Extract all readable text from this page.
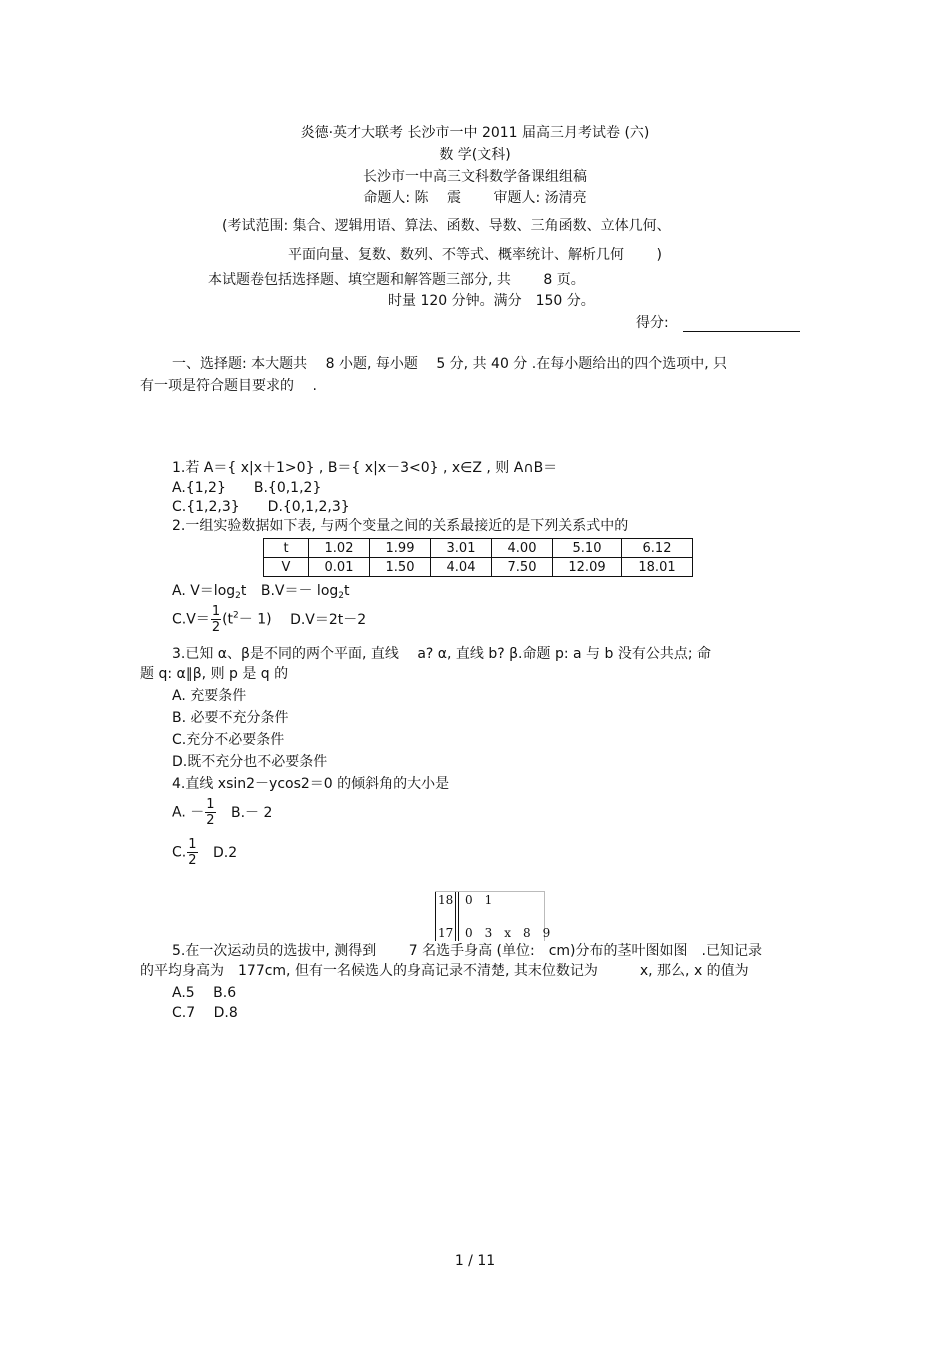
炎德·英才大联考 长沙市一中 2011 届高三月考试卷 (六)
数 学(文科)
长沙市一中高三文科数学备课组组稿
命题人: 陈　 震　　 审题人: 汤清亮
(考试范围: 集合、逻辑用语、算法、函数、导数、三角函数、立体几何、
平面向量、复数、数列、不等式、概率统计、解析几何　　 )
本试题卷包括选择题、填空题和解答题三部分, 共　　 8 页。
时量 120 分钟。满分　150 分。
得分:
一、选择题: 本大题共　 8 小题, 每小题　 5 分, 共 40 分 .在每小题给出的四个选项中, 只
有一项是符合题目要求的　 .
1.若 A＝{ x|x＋1>0} , B＝{ x|x－3<0} , x∈Z , 则 A∩B＝
A.{1,2}　　B.{0,1,2}
C.{1,2,3}　　D.{0,1,2,3}
2.一组实验数据如下表, 与两个变量之间的关系最接近的是下列关系式中的
t	1.02	1.99	3.01	4.00	5.10	6.12
V	0.01	1.50	4.04	7.50	12.09	18.01
A. $V=\log_2t$ $B.V=- \log_2t$
$C.V= \frac{1}{2} (t^2- 1)$ D.V＝2t－2
3.已知 α、β是不同的两个平面, 直线　 a? α, 直线 b? β.命题 p: a 与 b 没有公共点; 命
题 q: α∥β, 则 p 是 q 的
A. 充要条件
B. 必要不充分条件
C.充分不必要条件
D.既不充分也不必要条件
4.直线 xsin2－ycos2＝0 的倾斜角的大小是
A. － $\frac{1}{2} B.- 2$
C. $\frac{1}{2} D.2$
18 0　1
17 0　3　x　8　9
5.在一次运动员的选拔中, 测得到　　 7 名选手身高 (单位:　cm)分布的茎叶图如图　.已知记录
的平均身高为　177cm, 但有一名候选人的身高记录不清楚, 其末位数记为　　　x, 那么, x 的值为
A.5　 B.6
C.7　 D.8
1 / 11
